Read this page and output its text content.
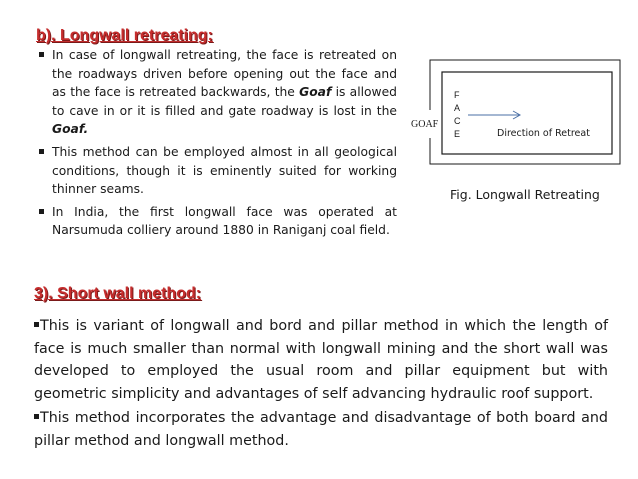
b). Longwall retreating:
In case of longwall retreating, the face is retreated on the roadways driven before opening out the face and as the face is retreated backwards, the Goaf is allowed to cave in or it is filled and gate roadway is lost in the Goaf.
This method can be employed almost in all geological conditions, though it is eminently suited for working thinner seams.
In India, the first longwall face was operated at Narsumuda colliery around 1880 in Raniganj coal field.
GOAF
F
A
C
E	Direction of Retreat
Fig. Longwall Retreating
3). Short wall method:

This is variant of longwall and bord and pillar method in which the length of face is much smaller than normal with longwall mining and the short wall was developed to employed the usual room and pillar equipment but with geometric simplicity and advantages of self advancing hydraulic roof support.

This method incorporates the advantage and disadvantage of both board and pillar method and longwall method.
